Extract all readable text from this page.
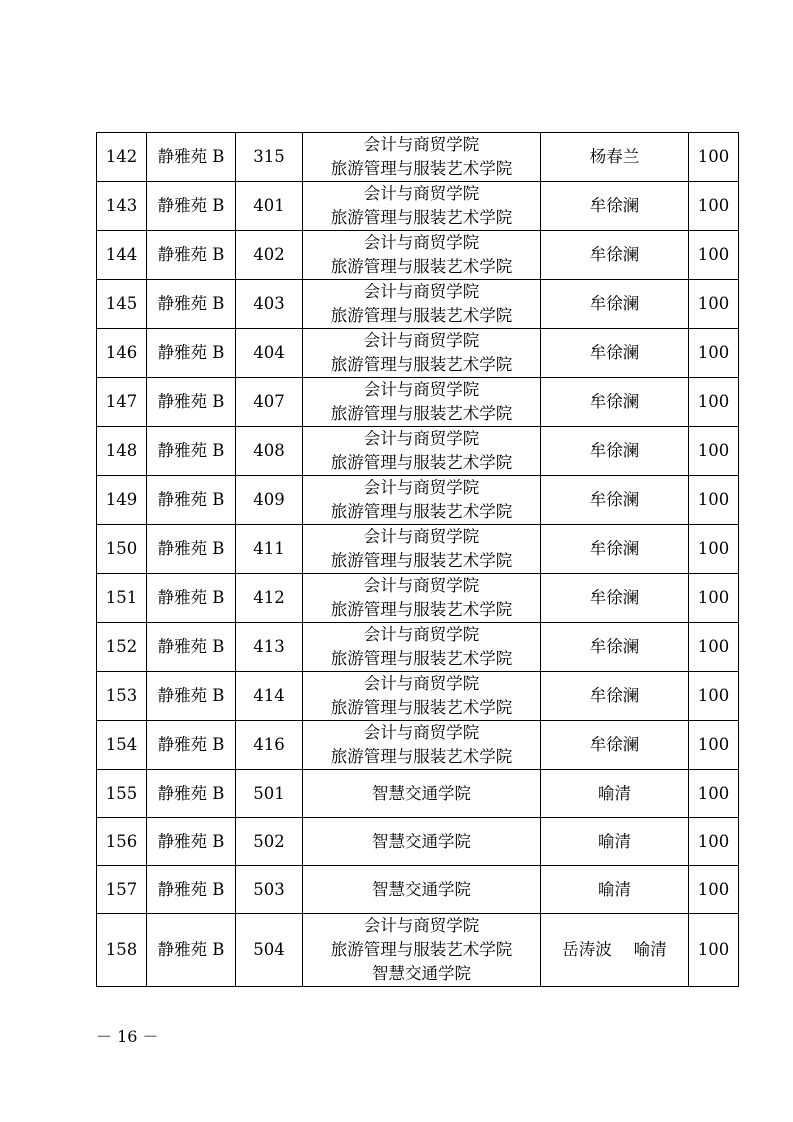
142	静雅苑 B	315	会计与商贸学院
旅游管理与服装艺术学院	杨春兰	100
143	静雅苑 B	401	会计与商贸学院
旅游管理与服装艺术学院	牟徐澜	100
144	静雅苑 B	402	会计与商贸学院
旅游管理与服装艺术学院	牟徐澜	100
145	静雅苑 B	403	会计与商贸学院
旅游管理与服装艺术学院	牟徐澜	100
146	静雅苑 B	404	会计与商贸学院
旅游管理与服装艺术学院	牟徐澜	100
147	静雅苑 B	407	会计与商贸学院
旅游管理与服装艺术学院	牟徐澜	100
148	静雅苑 B	408	会计与商贸学院
旅游管理与服装艺术学院	牟徐澜	100
149	静雅苑 B	409	会计与商贸学院
旅游管理与服装艺术学院	牟徐澜	100
150	静雅苑 B	411	会计与商贸学院
旅游管理与服装艺术学院	牟徐澜	100
151	静雅苑 B	412	会计与商贸学院
旅游管理与服装艺术学院	牟徐澜	100
152	静雅苑 B	413	会计与商贸学院
旅游管理与服装艺术学院	牟徐澜	100
153	静雅苑 B	414	会计与商贸学院
旅游管理与服装艺术学院	牟徐澜	100
154	静雅苑 B	416	会计与商贸学院
旅游管理与服装艺术学院	牟徐澜	100
155	静雅苑 B	501	智慧交通学院	喻清	100
156	静雅苑 B	502	智慧交通学院	喻清	100
157	静雅苑 B	503	智慧交通学院	喻清	100
158	静雅苑 B	504	会计与商贸学院
旅游管理与服装艺术学院
智慧交通学院	岳涛波 喻清	100
－ 16 －
